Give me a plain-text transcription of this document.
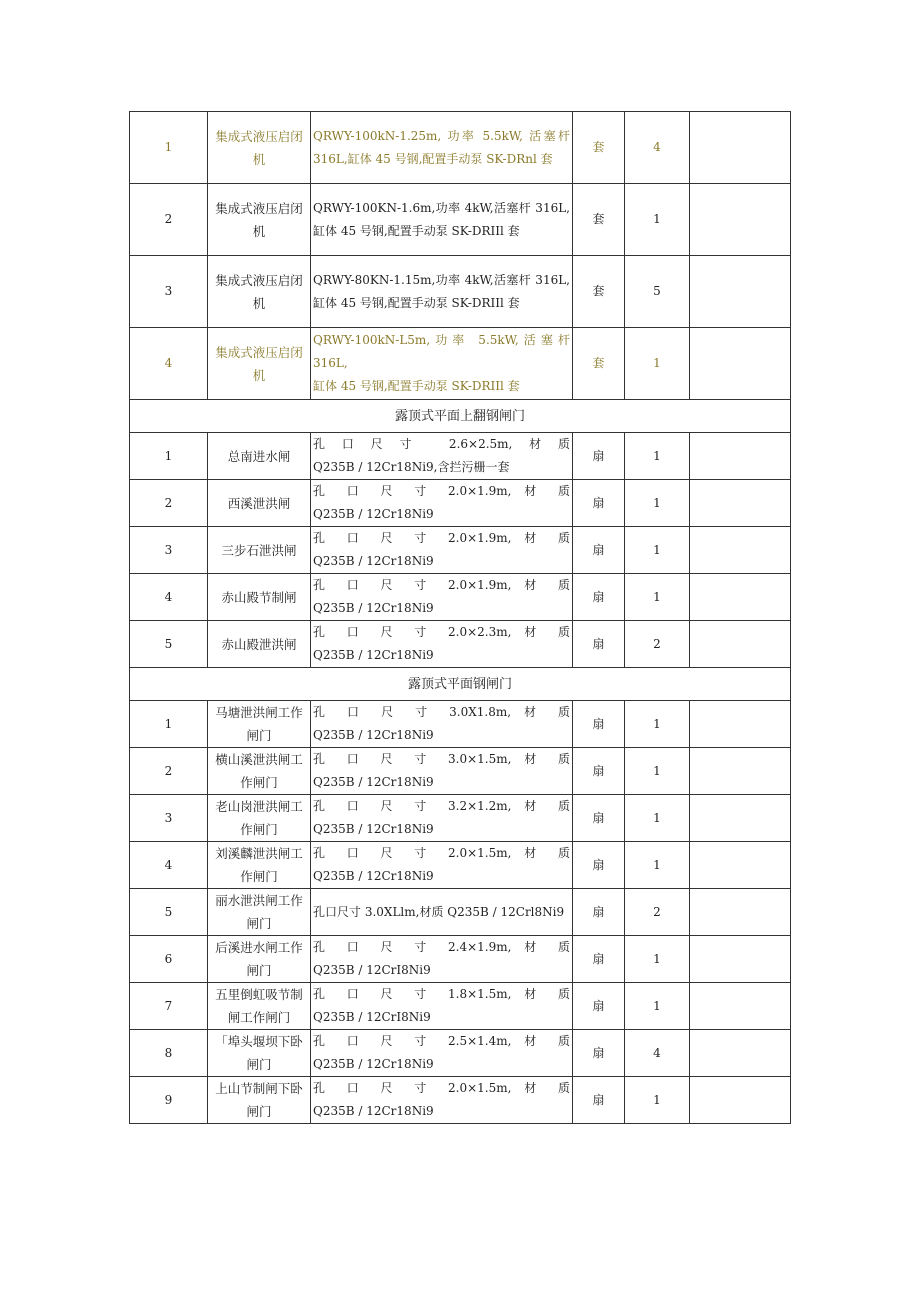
1	集成式液压启闭机	QRWY-100kN-1.25m, 功率 5.5kW, 活塞杆
316L,缸体 45 号钢,配置手动泵 SK-DRnl 套	套	4	
2	集成式液压启闭机	QRWY-100KN-1.6m,功率 4kW,活塞杆 316L,
缸体 45 号钢,配置手动泵 SK-DRIIl 套	套	1	
3	集成式液压启闭机	QRWY-80KN-1.15m,功率 4kW,活塞杆 316L,
缸体 45 号钢,配置手动泵 SK-DRIIl 套	套	5	
4	集成式液压启闭机	QRWY-100kN-L5m,功率 5.5kW,活塞杆 316L,
缸体 45 号钢,配置手动泵 SK-DRIIl 套	套	1	
露顶式平面上翻钢闸门					
1	总南进水闸	孔口尺寸 2.6×2.5m,材质
Q235B / 12Cr18Ni9,含拦污栅一套	扇	1	
2	西溪泄洪闸	孔 口 尺 寸 2.0×1.9m, 材 质
Q235B / 12Cr18Ni9	扇	1	
3	三步石泄洪闸	孔 口 尺 寸 2.0×1.9m, 材 质
Q235B / 12Cr18Ni9	扇	1	
4	赤山殿节制闸	孔 口 尺 寸 2.0×1.9m, 材 质
Q235B / 12Cr18Ni9	扇	1	
5	赤山殿泄洪闸	孔 口 尺 寸 2.0×2.3m, 材 质
Q235B / 12Cr18Ni9	扇	2	
露顶式平面钢闸门					
1	马塘泄洪闸工作闸门	孔 口 尺 寸 3.0X1.8m, 材 质
Q235B / 12Cr18Ni9	扇	1	
2	横山溪泄洪闸工作闸门	孔 口 尺 寸 3.0×1.5m, 材 质
Q235B / 12Cr18Ni9	扇	1	
3	老山岗泄洪闸工作闸门	孔 口 尺 寸 3.2×1.2m, 材 质
Q235B / 12Cr18Ni9	扇	1	
4	刘溪麟泄洪闸工作闸门	孔 口 尺 寸 2.0×1.5m, 材 质
Q235B / 12Cr18Ni9	扇	1	
5	丽水泄洪闸工作闸门	孔口尺寸 3.0XLlm,材质 Q235B / 12Crl8Ni9	扇	2	
6	后溪进水闸工作闸门	孔 口 尺 寸 2.4×1.9m, 材 质
Q235B / 12CrI8Ni9	扇	1	
7	五里倒虹吸节制闸工作闸门	孔 口 尺 寸 1.8×1.5m, 材 质
Q235B / 12CrI8Ni9	扇	1	
8	「埠头堰坝下卧闸门	孔 口 尺 寸 2.5×1.4m, 材 质
Q235B / 12Cr18Ni9	扇	4	
9	上山节制闸下卧闸门	孔 口 尺 寸 2.0×1.5m, 材 质
Q235B / 12Cr18Ni9	扇	1	
